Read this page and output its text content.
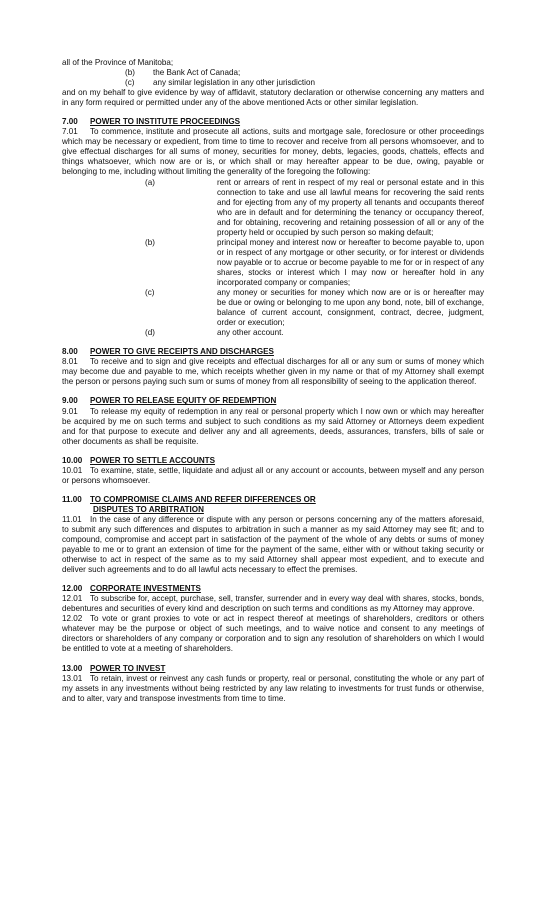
all of the Province of Manitoba;

(b)	the Bank Act of Canada;
(c)	any similar legislation in any other jurisdiction

and on my behalf to give evidence by way of affidavit, statutory declaration or otherwise concerning any matters and in any form required or permitted under any of the above mentioned Acts or other similar legislation.

7.00	POWER TO INSTITUTE PROCEEDINGS

7.01 To commence, institute and prosecute all actions, suits and mortgage sale, foreclosure or other proceedings which may be necessary or expedient, from time to time to recover and receive from all persons whomsoever, and to give effectual discharges for all sums of money, securities for money, debts, legacies, goods, chattels, effects and things whatsoever, which now are or is, or which shall or may hereafter appear to be due, owing, payable or belonging to me, including without limiting the generality of the foregoing the following:

(a)	rent or arrears of rent in respect of my real or personal estate and in this connection to take and use all lawful means for recovering the said rents and for ejecting from any of my property all tenants and occupants thereof who are in default and for determining the tenancy or occupancy thereof, and for obtaining, recovering and retaining possession of all or any of the property held or occupied by such person so making default;
(b)	principal money and interest now or hereafter to become payable to, upon or in respect of any mortgage or other security, or for interest or dividends now payable or to accrue or become payable to me for or in respect of any shares, stocks or interest which I may now or hereafter hold in any incorporated company or companies;
(c)	any money or securities for money which now are or is or hereafter may be due or owing or belonging to me upon any bond, note, bill of exchange, balance of current account, consignment, contract, decree, judgment, order or execution;
(d)	any other account.
8.00	POWER TO GIVE RECEIPTS AND DISCHARGES

8.01 To receive and to sign and give receipts and effectual discharges for all or any sum or sums of money which may become due and payable to me, which receipts whether given in my name or that of my Attorney shall exempt the person or persons paying such sum or sums of money from all responsibility of seeing to the application thereof.

9.00	POWER TO RELEASE EQUITY OF REDEMPTION

9.01 To release my equity of redemption in any real or personal property which I now own or which may hereafter be acquired by me on such terms and subject to such conditions as my said Attorney or Attorneys deem expedient and for that purpose to execute and deliver any and all agreements, deeds, assurances, transfers, bills of sale or other documents as shall be requisite.

10.00 POWER TO SETTLE ACCOUNTS

10.01 To examine, state, settle, liquidate and adjust all or any account or accounts, between myself and any person or persons whomsoever.

11.00	TO COMPROMISE CLAIMS AND REFER DIFFERENCES OR
DISPUTES TO ARBITRATION

11.01 In the case of any difference or dispute with any person or persons concerning any of the matters aforesaid, to submit any such differences and disputes to arbitration in such a manner as my said Attorney may see fit; and to compound, compromise and accept part in satisfaction of the payment of the whole of any debts or sums of money payable to me or to grant an extension of time for the payment of the same, either with or without taking security or otherwise to act in respect of the same as to my said Attorney shall appear most expedient, and to execute and deliver such agreements and to do all lawful acts necessary to effect the premises.

12.00 CORPORATE INVESTMENTS

12.01 To subscribe for, accept, purchase, sell, transfer, surrender and in every way deal with shares, stocks, bonds, debentures and securities of every kind and description on such terms and conditions as my Attorney may approve.

12.02 To vote or grant proxies to vote or act in respect thereof at meetings of shareholders, creditors or others whatever may be the purpose or object of such meetings, and to waive notice and consent to any meetings of directors or shareholders of any company or corporation and to sign any resolution of shareholders on which I would be entitled to vote at a meeting of shareholders.

13.00 POWER TO INVEST

13.01 To retain, invest or reinvest any cash funds or property, real or personal, constituting the whole or any part of my assets in any investments without being restricted by any law relating to investments for trust funds or otherwise, and to alter, vary and transpose investments from time to time.
